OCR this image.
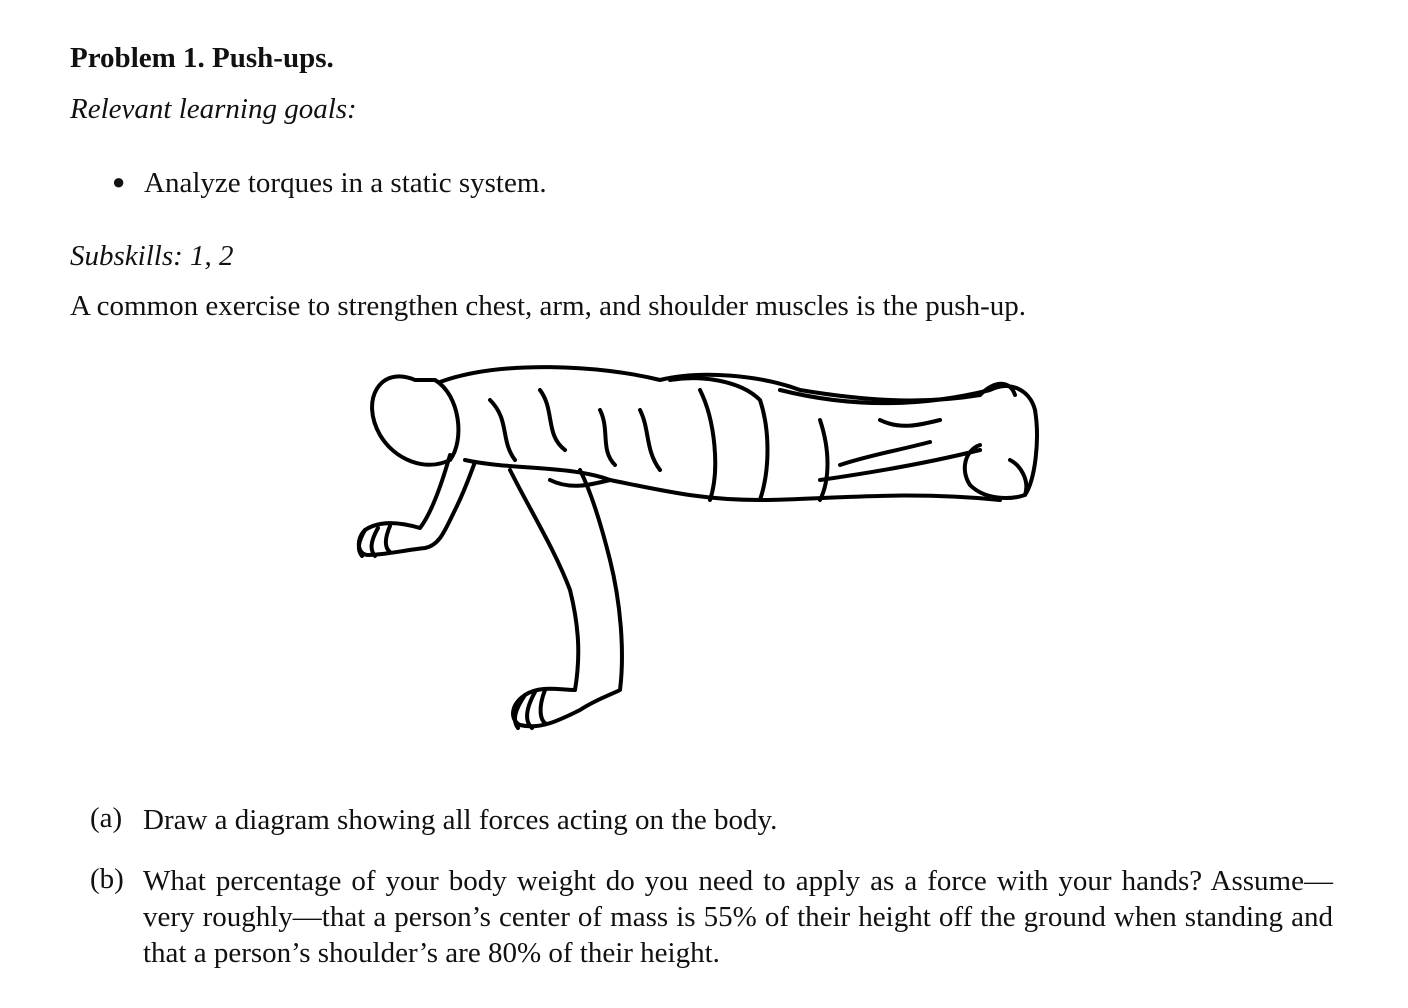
Problem 1. Push-ups.
Relevant learning goals:
● Analyze torques in a static system.
Subskills: 1, 2
A common exercise to strengthen chest, arm, and shoulder muscles is the push-up.
(a) Draw a diagram showing all forces acting on the body.
(b) What percentage of your body weight do you need to apply as a force with your hands? Assume—very roughly—that a person’s center of mass is 55% of their height off the ground when standing and that a person’s shoulder’s are 80% of their height.
